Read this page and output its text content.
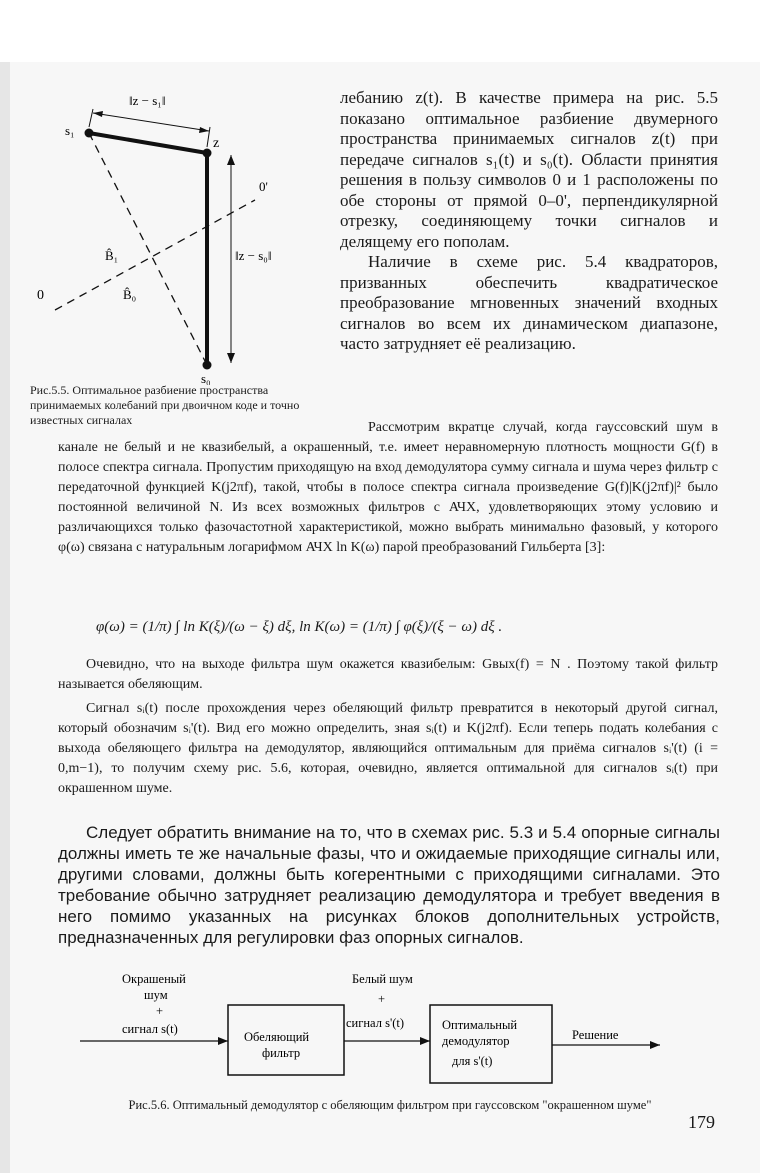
‖z − s₁‖
s₁
z
0'
‖z − s₀‖
B̂₁
0	B̂₀
s₀
Рис.5.5. Оптимальное разбиение пространства принимаемых колебаний при двоичном коде и точно известных сигналах

лебанию z(t). В качестве примера на рис. 5.5 показано оптимальное разбиение двумерного пространства принимаемых сигналов z(t) при передаче сигналов s₁(t) и s₀(t). Области принятия решения в пользу символов 0 и 1 расположены по обе стороны от прямой 0–0', перпендикулярной отрезку, соединяющему точки сигналов и делящему его пополам.

Наличие в схеме рис. 5.4 квадраторов, призванных обеспечить квадратическое преобразование мгновенных значений входных сигналов во всем их динамическом диапазоне, часто затрудняет её реализацию.

Рассмотрим вкратце случай, когда гауссовский шум в канале не белый и не квазибелый, а окрашенный, т.е. имеет неравномерную плотность мощности G(f) в полосе спектра сигнала. Пропустим приходящую на вход демодулятора сумму сигнала и шума через фильтр с передаточной функцией K(j2πf), такой, чтобы в полосе спектра сигнала произведение G(f)|K(j2πf)|² было постоянной величиной N. Из всех возможных фильтров с АЧХ, удовлетворяющих этому условию и различающихся только фазочастотной характеристикой, можно выбрать минимально фазовый, у которого φ(ω) связана с натуральным логарифмом АЧХ ln K(ω) парой преобразований Гильберта [3]:

φ(ω) = (1/π) ∫ ln K(ξ)/(ω − ξ) dξ, ln K(ω) = (1/π) ∫ φ(ξ)/(ξ − ω) dξ .

Очевидно, что на выходе фильтра шум окажется квазибелым: Gвых(f) = N . Поэтому такой фильтр называется обеляющим.

Сигнал sᵢ(t) после прохождения через обеляющий фильтр превратится в некоторый другой сигнал, который обозначим sᵢ'(t). Вид его можно определить, зная sᵢ(t) и K(j2πf). Если теперь подать колебания с выхода обеляющего фильтра на демодулятор, являющийся оптимальным для приёма сигналов sᵢ'(t) (i = 0,m−1), то получим схему рис. 5.6, которая, очевидно, является оптимальной для сигналов sᵢ(t) при окрашенном шуме.

Следует обратить внимание на то, что в схемах рис. 5.3 и 5.4 опорные сигналы должны иметь те же начальные фазы, что и ожидаемые приходящие сигналы или, другими словами, должны быть когерентными с приходящими сигналами. Это требование обычно затрудняет реализацию демодулятора и требует введения в него помимо указанных на рисунках блоков дополнительных устройств, предназначенных для регулировки фаз опорных сигналов.

Окрашеный
шум
+
сигнал s(t)
Обеляющий
фильтр
Белый шум
+
сигнал s'(t)	Оптимальный
демодулятор
для s'(t)
Решение
Рис.5.6. Оптимальный демодулятор с обеляющим фильтром при гауссовском "окрашенном шуме"
179
